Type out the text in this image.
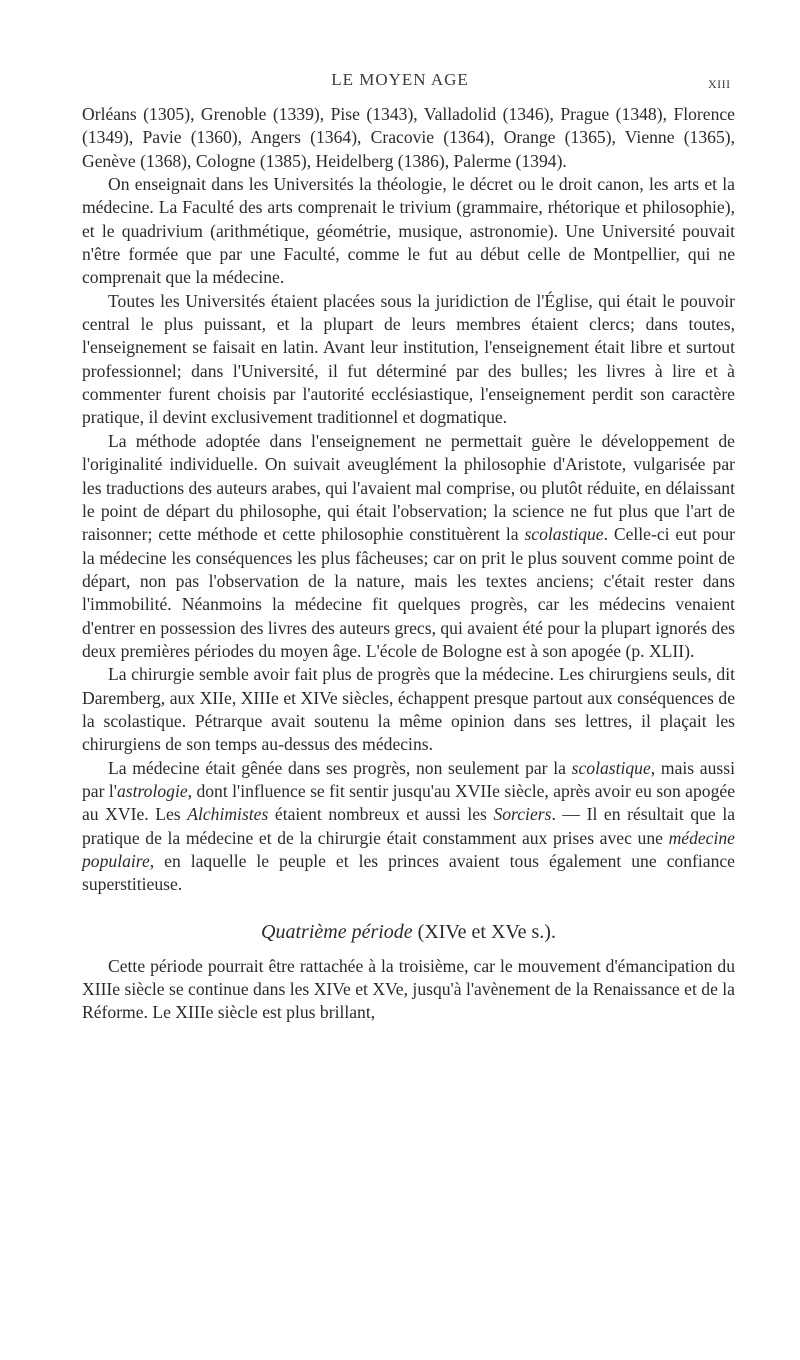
LE MOYEN AGE	XIII

Orléans (1305), Grenoble (1339), Pise (1343), Valladolid (1346), Prague (1348), Florence (1349), Pavie (1360), Angers (1364), Cracovie (1364), Orange (1365), Vienne (1365), Genève (1368), Cologne (1385), Heidelberg (1386), Palerme (1394).

On enseignait dans les Universités la théologie, le décret ou le droit canon, les arts et la médecine. La Faculté des arts comprenait le trivium (grammaire, rhétorique et philosophie), et le quadrivium (arithmétique, géométrie, musique, astronomie). Une Université pouvait n'être formée que par une Faculté, comme le fut au début celle de Montpellier, qui ne comprenait que la médecine.

Toutes les Universités étaient placées sous la juridiction de l'Église, qui était le pouvoir central le plus puissant, et la plupart de leurs membres étaient clercs; dans toutes, l'enseignement se faisait en latin. Avant leur institution, l'enseignement était libre et surtout professionnel; dans l'Université, il fut déterminé par des bulles; les livres à lire et à commenter furent choisis par l'autorité ecclésiastique, l'enseignement perdit son caractère pratique, il devint exclusivement traditionnel et dogmatique.

La méthode adoptée dans l'enseignement ne permettait guère le développement de l'originalité individuelle. On suivait aveuglément la philosophie d'Aristote, vulgarisée par les traductions des auteurs arabes, qui l'avaient mal comprise, ou plutôt réduite, en délaissant le point de départ du philosophe, qui était l'observation; la science ne fut plus que l'art de raisonner; cette méthode et cette philosophie constituèrent la scolastique. Celle-ci eut pour la médecine les conséquences les plus fâcheuses; car on prit le plus souvent comme point de départ, non pas l'observation de la nature, mais les textes anciens; c'était rester dans l'immobilité. Néanmoins la médecine fit quelques progrès, car les médecins venaient d'entrer en possession des livres des auteurs grecs, qui avaient été pour la plupart ignorés des deux premières périodes du moyen âge. L'école de Bologne est à son apogée (p. XLII).

La chirurgie semble avoir fait plus de progrès que la médecine. Les chirurgiens seuls, dit Daremberg, aux XIIe, XIIIe et XIVe siècles, échappent presque partout aux conséquences de la scolastique. Pétrarque avait soutenu la même opinion dans ses lettres, il plaçait les chirurgiens de son temps au-dessus des médecins.

La médecine était gênée dans ses progrès, non seulement par la scolastique, mais aussi par l'astrologie, dont l'influence se fit sentir jusqu'au XVIIe siècle, après avoir eu son apogée au XVIe. Les Alchimistes étaient nombreux et aussi les Sorciers. — Il en résultait que la pratique de la médecine et de la chirurgie était constamment aux prises avec une médecine populaire, en laquelle le peuple et les princes avaient tous également une confiance superstitieuse.

Quatrième période (XIVe et XVe s.).

Cette période pourrait être rattachée à la troisième, car le mouvement d'émancipation du XIIIe siècle se continue dans les XIVe et XVe, jusqu'à l'avènement de la Renaissance et de la Réforme. Le XIIIe siècle est plus brillant,
